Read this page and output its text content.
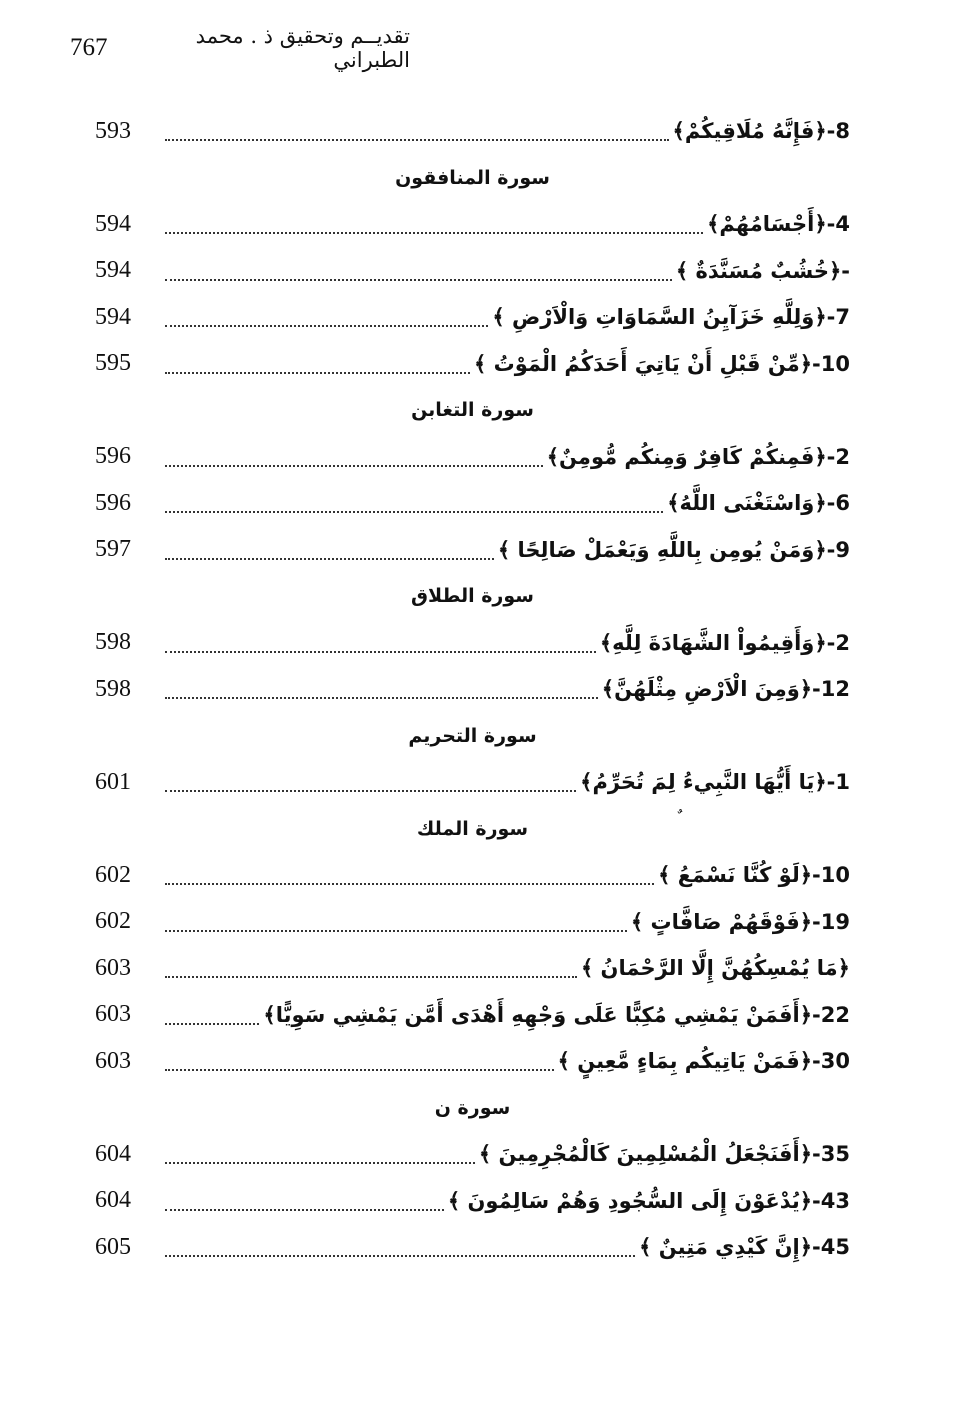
767	تقديــم وتحقيق ذ . محمد الطبراني
593	8-﴿فَإِنَّهُ مُلَاقِيكُمْ﴾
سورة المنافقون
594	4-﴿أَجْسَامُهُمْ﴾
594	-﴿خُشُبٌ مُسَنَّدَةٌ ﴾
594	7-﴿وَلِلَّهِ خَزَآيِنُ السَّمَاوَاتِ وَالْاَرْضِ ﴾
595	10-﴿مِّنْ قَبْلِ أَنْ يَاتِيَ أَحَدَكُمُ الْمَوْتُ ﴾
سورة التغابن
596	2-﴿فَمِنكُمْ كَافِرٌ وَمِنكُم مُّومِنٌ﴾
596	6-﴿وَاسْتَغْنَى اللَّهُ﴾
597	9-﴿وَمَنْ يُومِن بِاللَّهِ وَيَعْمَلْ صَالِحًا ﴾
سورة الطلاق
598	2-﴿وَأَقِيمُواْ الشَّهَادَةَ لِلَّهِ﴾
598	12-﴿وَمِنَ الْاَرْضِ مِثْلَهُنَّ﴾
سورة التحريم
601	1-﴿يَا أَيُّهَا النَّبِيءُ لِمَ تُحَرِّمُ﴾
سورة الملك
602	10-﴿لَوْ كُنَّا نَسْمَعُ ﴾
602	19-﴿فَوْقَهُمْ صَافَّاتٍ ﴾
603	﴿مَا يُمْسِكُهُنَّ إِلَّا الرَّحْمَانُ ﴾
603	22-﴿أَفَمَنْ يَمْشِي مُكِبًّا عَلَى وَجْهِهِ أَهْدَى أَمَّن يَمْشِي سَوِيًّا﴾
603	30-﴿فَمَنْ يَاتِيكُم بِمَاءٍ مَّعِينٍ ﴾
سورة ن
604	35-﴿أَفَنَجْعَلُ الْمُسْلِمِينَ كَالْمُجْرِمِينَ ﴾
604	43-﴿يُدْعَوْنَ إِلَى السُّجُودِ وَهُمْ سَالِمُونَ ﴾
605	45-﴿إِنَّ كَيْدِي مَتِينٌ ﴾
